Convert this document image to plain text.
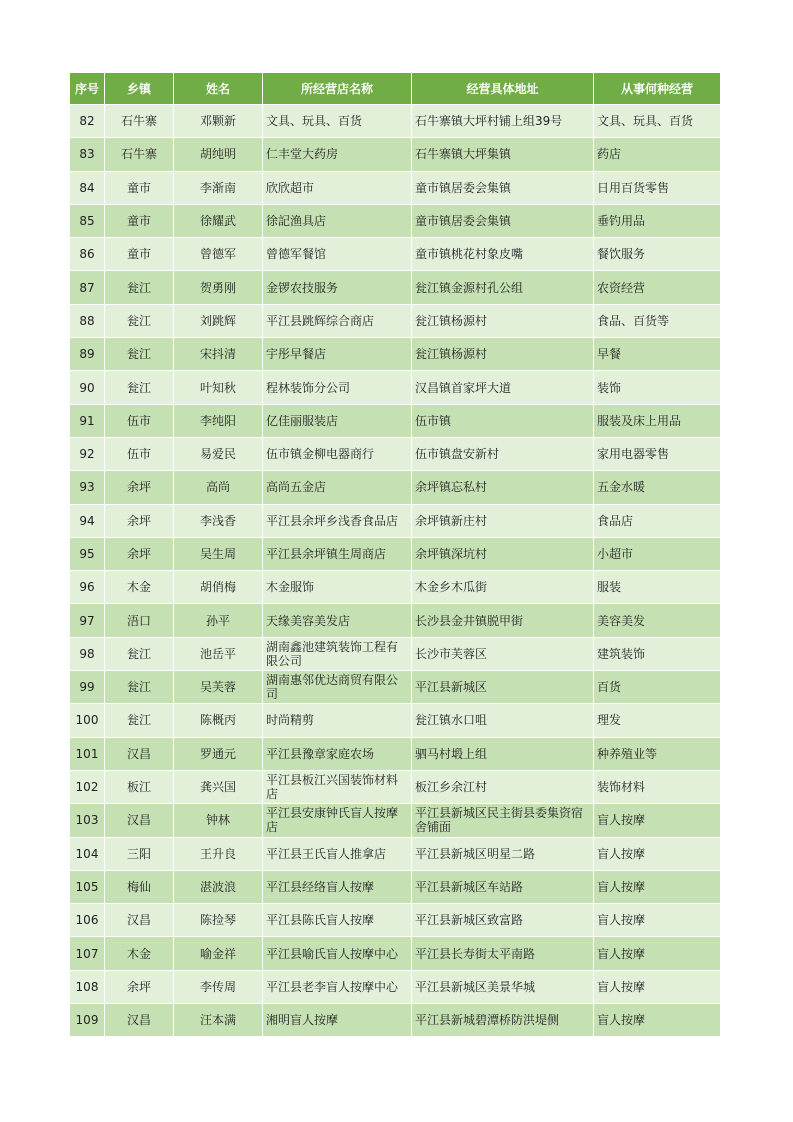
序号	乡镇	姓名	所经营店名称	经营具体地址	从事何种经营
82	石牛寨	邓颗新	文具、玩具、百货	石牛寨镇大坪村铺上组39号	文具、玩具、百货
83	石牛寨	胡纯明	仁丰堂大药房	石牛寨镇大坪集镇	药店
84	童市	李渐南	欣欣超市	童市镇居委会集镇	日用百货零售
85	童市	徐耀武	徐記渔具店	童市镇居委会集镇	垂钓用品
86	童市	曾德军	曾德军餐馆	童市镇桃花村象皮嘴	餐饮服务
87	瓮江	贺勇刚	金锣农技服务	瓮江镇金源村孔公组	农资经营
88	瓮江	刘跳辉	平江县跳辉综合商店	瓮江镇杨源村	食品、百货等
89	瓮江	宋抖清	宇彤早餐店	瓮江镇杨源村	早餐
90	瓮江	叶知秋	程林装饰分公司	汉昌镇首家坪大道	装饰
91	伍市	李纯阳	亿佳丽服装店	伍市镇	服装及床上用品
92	伍市	易爱民	伍市镇金柳电器商行	伍市镇盘安新村	家用电器零售
93	余坪	高尚	高尚五金店	余坪镇忘私村	五金水暖
94	余坪	李浅香	平江县余坪乡浅香食品店	余坪镇新庄村	食品店
95	余坪	吴生周	平江县余坪镇生周商店	余坪镇深坑村	小超市
96	木金	胡俏梅	木金服饰	木金乡木瓜街	服装
97	浯口	孙平	天缘美容美发店	长沙县金井镇脱甲街	美容美发
98	瓮江	池岳平	湖南鑫池建筑装饰工程有限公司	长沙市芙蓉区	建筑装饰
99	瓮江	吴芙蓉	湖南惠邻优达商贸有限公司	平江县新城区	百货
100	瓮江	陈概丙	时尚精剪	瓮江镇水口咀	理发
101	汉昌	罗通元	平江县豫章家庭农场	驷马村塅上组	种养殖业等
102	板江	龚兴国	平江县板江兴国装饰材料店	板江乡余江村	装饰材料
103	汉昌	钟林	平江县安康钟氏盲人按摩店	平江县新城区民主街县委集资宿舍铺面	盲人按摩
104	三阳	王升良	平江县王氏盲人推拿店	平江县新城区明星二路	盲人按摩
105	梅仙	湛波浪	平江县经络盲人按摩	平江县新城区车站路	盲人按摩
106	汉昌	陈捡琴	平江县陈氏盲人按摩	平江县新城区致富路	盲人按摩
107	木金	喻金祥	平江县喻氏盲人按摩中心	平江县长寿街太平南路	盲人按摩
108	余坪	李传周	平江县老李盲人按摩中心	平江县新城区美景华城	盲人按摩
109	汉昌	汪本满	湘明盲人按摩	平江县新城碧潭桥防洪堤侧	盲人按摩
